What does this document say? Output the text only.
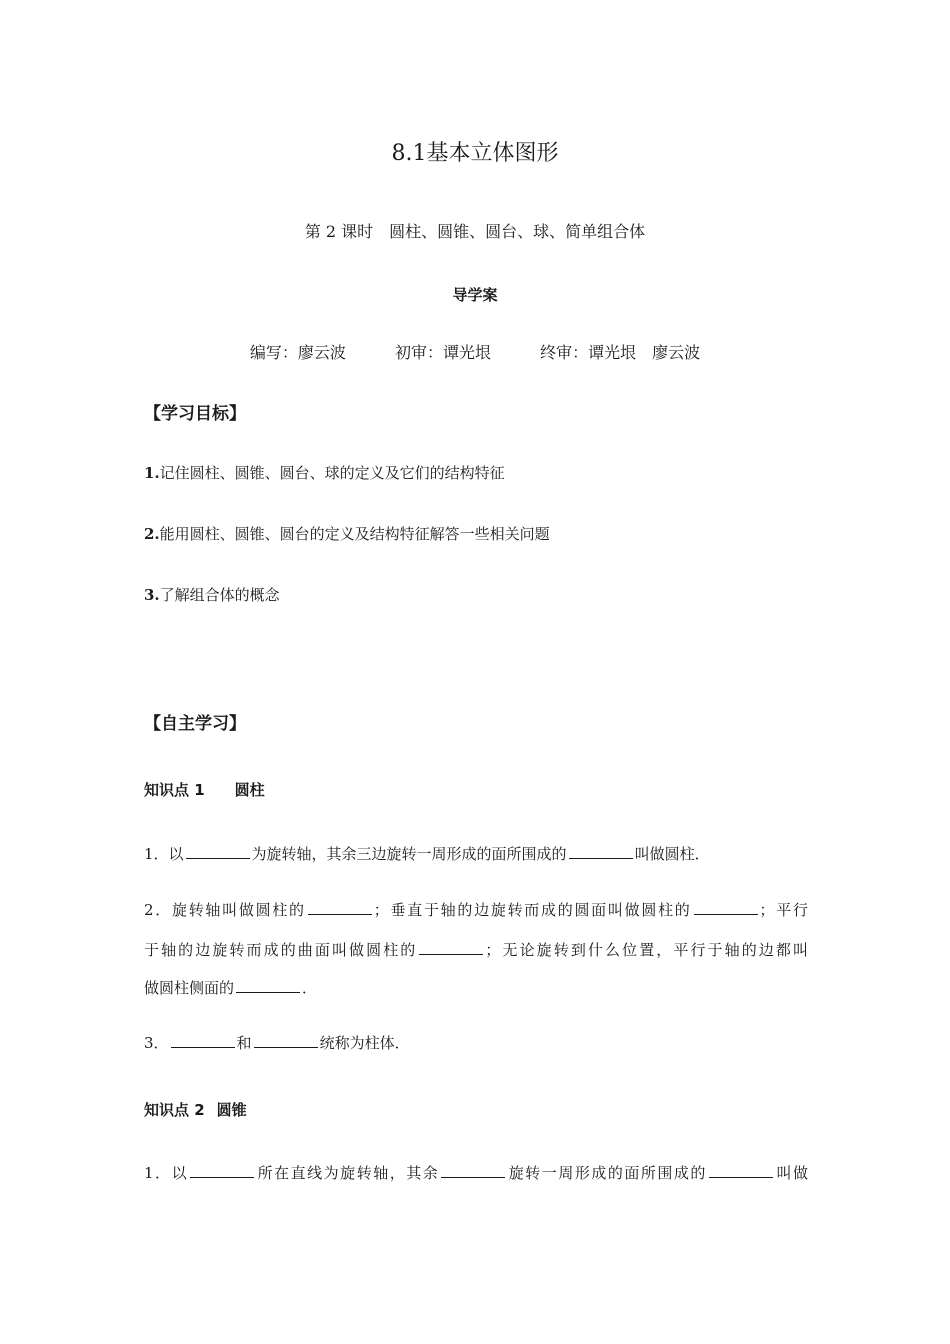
8.1基本立体图形
第 2 课时　圆柱、圆锥、圆台、球、简单组合体
导学案
编写：廖云波	初审：谭光垠	终审：谭光垠　廖云波
【学习目标】
1.记住圆柱、圆锥、圆台、球的定义及它们的结构特征
2.能用圆柱、圆锥、圆台的定义及结构特征解答一些相关问题
3.了解组合体的概念
【自主学习】
知识点 1 圆柱
1．以	为旋转轴，其余三边旋转一周形成的面所围成的	叫做圆柱．
2．旋转轴叫做圆柱的	；垂直于轴的边旋转而成的圆面叫做圆柱的	；平行
于轴的边旋转而成的曲面叫做圆柱的	；无论旋转到什么位置，平行于轴的边都叫
做圆柱侧面的	．
3．	和	统称为柱体．
知识点 2 圆锥
1．以	所在直线为旋转轴，其余	旋转一周形成的面所围成的	叫做
